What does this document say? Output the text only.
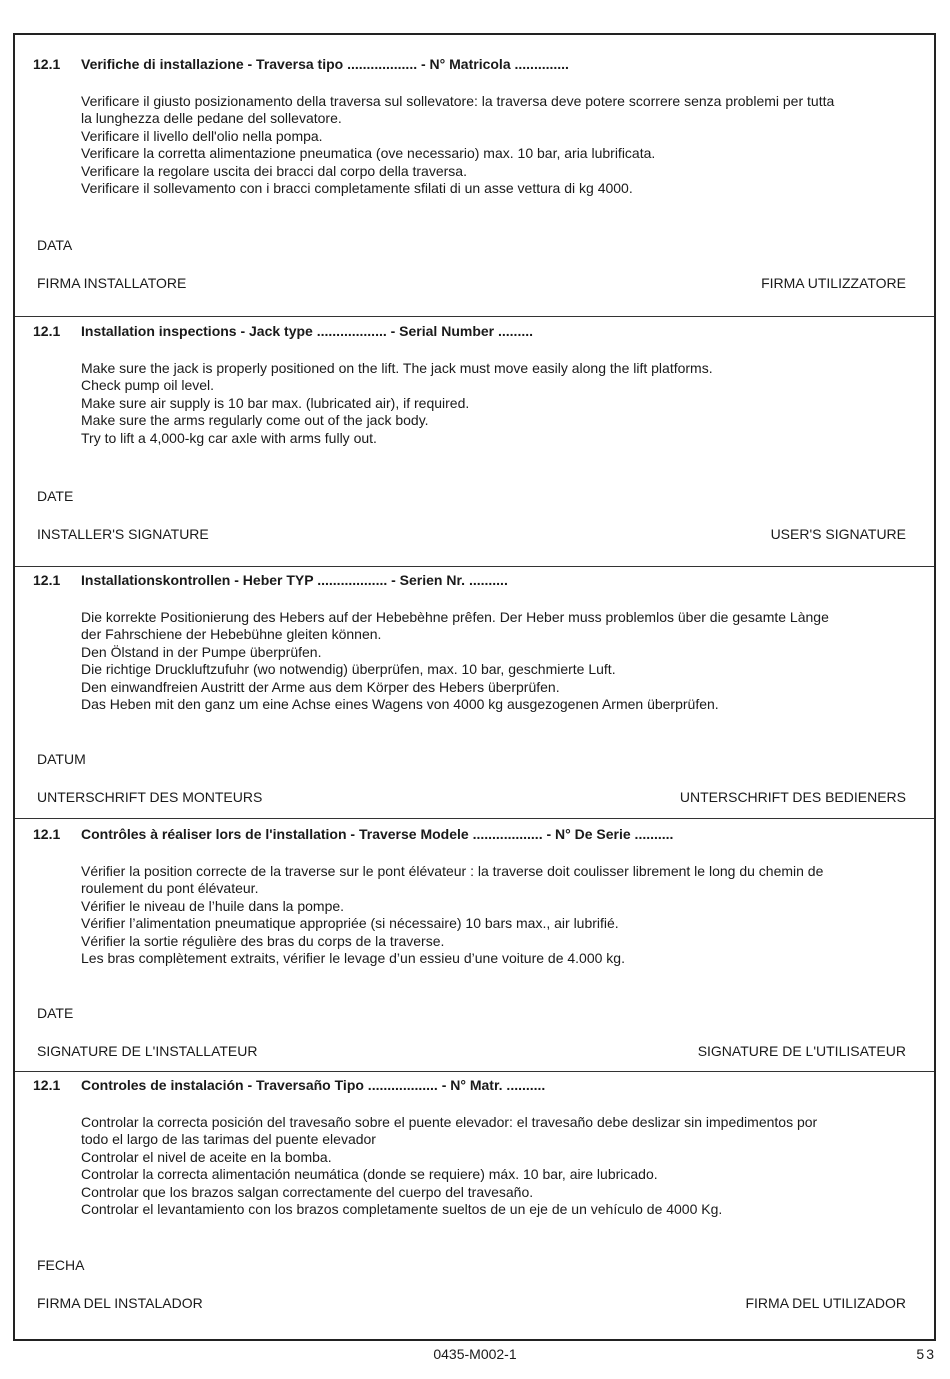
12.1 Verifiche di installazione - Traversa tipo .................. - N° Matricola ..............
Verificare il giusto posizionamento della traversa sul sollevatore: la traversa deve potere scorrere senza problemi per tutta
la lunghezza delle pedane del sollevatore.
Verificare il livello dell'olio nella pompa.
Verificare la corretta alimentazione pneumatica (ove necessario) max. 10 bar, aria lubrificata.
Verificare la regolare uscita dei bracci dal corpo della traversa.
Verificare il sollevamento con i bracci completamente sfilati di un asse vettura di kg 4000.
DATA
FIRMA INSTALLATORE	FIRMA UTILIZZATORE
12.1 Installation inspections - Jack type .................. - Serial Number .........
Make sure the jack is properly positioned on the lift. The jack must move easily along the lift platforms.
Check pump oil level.
Make sure air supply is 10 bar max. (lubricated air), if required.
Make sure the arms regularly come out of the jack body.
Try to lift a 4,000-kg car axle with arms fully out.
DATE
INSTALLER'S SIGNATURE	USER'S SIGNATURE
12.1 Installationskontrollen - Heber TYP .................. - Serien Nr. ..........
Die korrekte Positionierung des Hebers auf der Hebebèhne prêfen. Der Heber muss problemlos über die gesamte Lànge
der Fahrschiene der Hebebühne gleiten können.
Den Ölstand in der Pumpe überprüfen.
Die richtige Druckluftzufuhr (wo notwendig) überprüfen, max. 10 bar, geschmierte Luft.
Den einwandfreien Austritt der Arme aus dem Körper des Hebers überprüfen.
Das Heben mit den ganz um eine Achse eines Wagens von 4000 kg ausgezogenen Armen überprüfen.
DATUM
UNTERSCHRIFT DES MONTEURS	UNTERSCHRIFT DES BEDIENERS
12.1 Contrôles à réaliser lors de l'installation - Traverse Modele .................. - N° De Serie ..........
Vérifier la position correcte de la traverse sur le pont élévateur : la traverse doit coulisser librement le long du chemin de
roulement du pont élévateur.
Vérifier le niveau de l’huile dans la pompe.
Vérifier l’alimentation pneumatique appropriée (si nécessaire) 10 bars max., air lubrifié.
Vérifier la sortie régulière des bras du corps de la traverse.
Les bras complètement extraits, vérifier le levage d’un essieu d’une voiture de 4.000 kg.
DATE
SIGNATURE DE L'INSTALLATEUR	SIGNATURE DE L'UTILISATEUR
12.1 Controles de instalación - Traversaño Tipo .................. - N° Matr. ..........
Controlar la correcta posición del travesaño sobre el puente elevador: el travesaño debe deslizar sin impedimentos por
todo el largo de las tarimas del puente elevador
Controlar el nivel de aceite en la bomba.
Controlar la correcta alimentación neumática (donde se requiere) máx. 10 bar, aire lubricado.
Controlar que los brazos salgan correctamente del cuerpo del travesaño.
Controlar el levantamiento con los brazos completamente sueltos de un eje de un vehículo de 4000 Kg.
FECHA
FIRMA DEL INSTALADOR	FIRMA DEL UTILIZADOR
0435-M002-1	53
